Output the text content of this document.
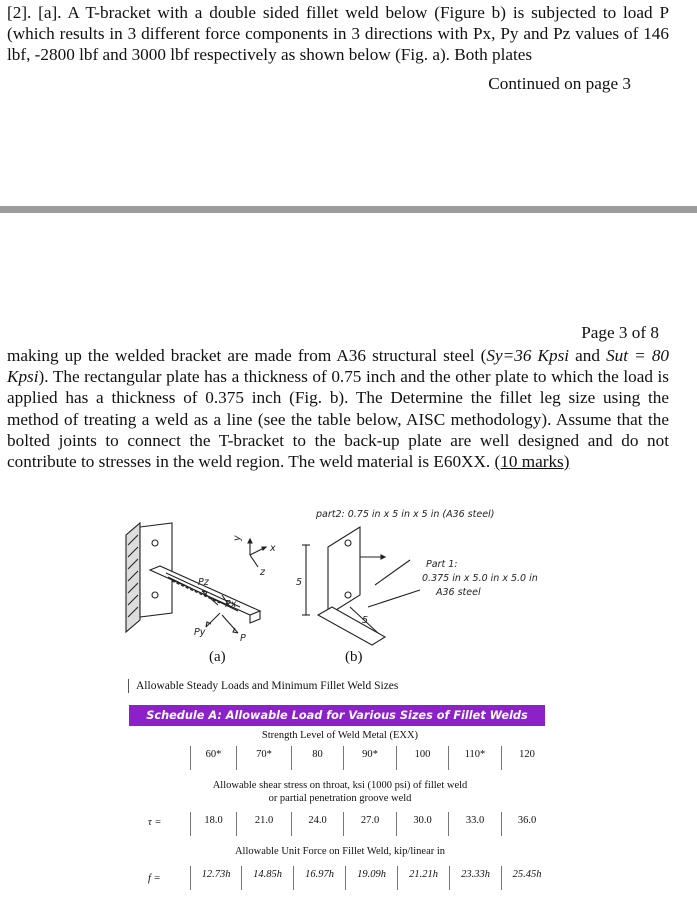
[2]. [a]. A T-bracket with a double sided fillet weld below (Figure b) is subjected to load P (which results in 3 different force components in 3 directions with Px, Py and Pz values of 146 lbf, -2800 lbf and 3000 lbf respectively as shown below (Fig. a). Both plates
Continued on page 3
Page 3 of 8
making up the welded bracket are made from A36 structural steel (Sy=36 Kpsi and Sut = 80 Kpsi). The rectangular plate has a thickness of 0.75 inch and the other plate to which the load is applied has a thickness of 0.375 inch (Fig. b). The Determine the fillet leg size using the method of treating a weld as a line (see the table below, AISC methodology). Assume that the bolted joints to connect the T-bracket to the back-up plate are well designed and do not contribute to stresses in the weld region. The weld material is E60XX. (10 marks)
y
x
z
Pz
Py
Px
P
part2: 0.75 in x 5 in x 5 in (A36 steel)
5
5
Part 1:
0.375 in x 5.0 in x 5.0 in
A36 steel
(a)	(b)
Allowable Steady Loads and Minimum Fillet Weld Sizes
Schedule A: Allowable Load for Various Sizes of Fillet Welds
Strength Level of Weld Metal (EXX)
60*	70*	80	90*	100	110*	120
Allowable shear stress on throat, ksi (1000 psi) of fillet weld
or partial penetration groove weld
τ =	18.0	21.0	24.0	27.0	30.0	33.0	36.0
Allowable Unit Force on Fillet Weld, kip/linear in
f =	12.73h	14.85h	16.97h	19.09h	21.21h	23.33h	25.45h
